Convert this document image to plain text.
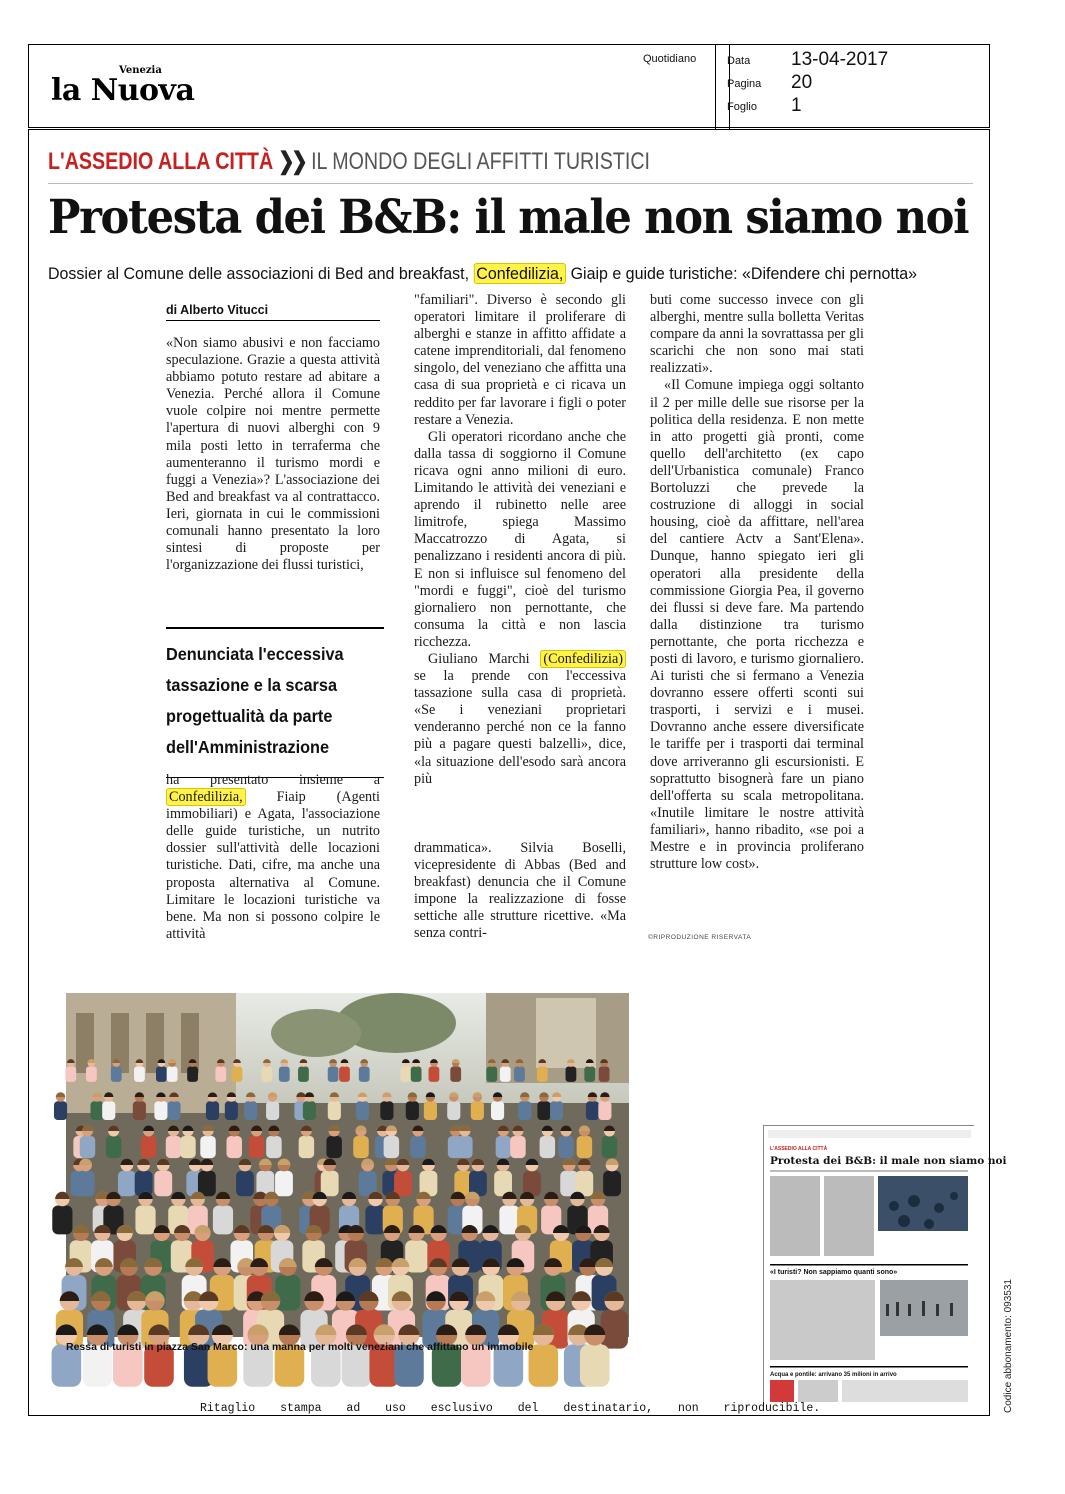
Venezia
la Nuova
Quotidiano	Data 13-04-2017
Pagina 20
Foglio 1
L'ASSEDIO ALLA CITTÀ ❯❯ IL MONDO DEGLI AFFITTI TURISTICI
Protesta dei B&B: il male non siamo noi
Dossier al Comune delle associazioni di Bed and breakfast, Confedilizia, Giaip e guide turistiche: «Difendere chi pernotta»
di Alberto Vitucci

«Non siamo abusivi e non facciamo speculazione. Grazie a questa attività abbiamo potuto restare ad abitare a Venezia. Perché allora il Comune vuole colpire noi mentre permette l'apertura di nuovi alberghi con 9 mila posti letto in terraferma che aumenteranno il turismo mordi e fuggi a Venezia»? L'associazione dei Bed and breakfast va al contrattacco. Ieri, giornata in cui le commissioni comunali hanno presentato la loro sintesi di proposte per l'organizzazione dei flussi turistici,

Denunciata l'eccessiva
tassazione e la scarsa
progettualità da parte
dell'Amministrazione

ha presentato insieme a Confedilizia, Fiaip (Agenti immobiliari) e Agata, l'associazione delle guide turistiche, un nutrito dossier sull'attività delle locazioni turistiche. Dati, cifre, ma anche una proposta alternativa al Comune. Limitare le locazioni turistiche va bene. Ma non si possono colpire le attività

"familiari". Diverso è secondo gli operatori limitare il proliferare di alberghi e stanze in affitto affidate a catene imprenditoriali, dal fenomeno singolo, del veneziano che affitta una casa di sua proprietà e ci ricava un reddito per far lavorare i figli o poter restare a Venezia.

Gli operatori ricordano anche che dalla tassa di soggiorno il Comune ricava ogni anno milioni di euro. Limitando le attività dei veneziani e aprendo il rubinetto nelle aree limitrofe, spiega Massimo Maccatrozzo di Agata, si penalizzano i residenti ancora di più. E non si influisce sul fenomeno del "mordi e fuggi", cioè del turismo giornaliero non pernottante, che consuma la città e non lascia ricchezza.

Giuliano Marchi (Confedilizia) se la prende con l'eccessiva tassazione sulla casa di proprietà. «Se i veneziani proprietari venderanno perché non ce la fanno più a pagare questi balzelli», dice, «la situazione dell'esodo sarà ancora più

drammatica». Silvia Boselli, vicepresidente di Abbas (Bed and breakfast) denuncia che il Comune impone la realizzazione di fosse settiche alle strutture ricettive. «Ma senza contri-

buti come successo invece con gli alberghi, mentre sulla bolletta Veritas compare da anni la sovrattassa per gli scarichi che non sono mai stati realizzati».

«Il Comune impiega oggi soltanto il 2 per mille delle sue risorse per la politica della residenza. E non mette in atto progetti già pronti, come quello dell'architetto (ex capo dell'Urbanistica comunale) Franco Bortoluzzi che prevede la costruzione di alloggi in social housing, cioè da affittare, nell'area del cantiere Actv a Sant'Elena». Dunque, hanno spiegato ieri gli operatori alla presidente della commissione Giorgia Pea, il governo dei flussi si deve fare. Ma partendo dalla distinzione tra turismo pernottante, che porta ricchezza e posti di lavoro, e turismo giornaliero. Ai turisti che si fermano a Venezia dovranno essere offerti sconti sui trasporti, i servizi e i musei. Dovranno anche essere diversificate le tariffe per i trasporti dai terminal dove arriveranno gli escursionisti. E soprattutto bisognerà fare un piano dell'offerta su scala metropolitana. «Inutile limitare le nostre attività familiari», hanno ribadito, «se poi a Mestre e in provincia proliferano strutture low cost».

©RIPRODUZIONE RISERVATA
Ressa di turisti in piazza San Marco: una manna per molti veneziani che affittano un immobile
L'ASSEDIO ALLA CITTÀ
Protesta dei B&B: il male non siamo noi
«I turisti? Non sappiamo quanti sono»
Acqua e pontile: arrivano 35 milioni in arrivo	Codice abbonamento: 093531
Ritaglio stampa ad uso esclusivo del destinatario, non riproducibile.
